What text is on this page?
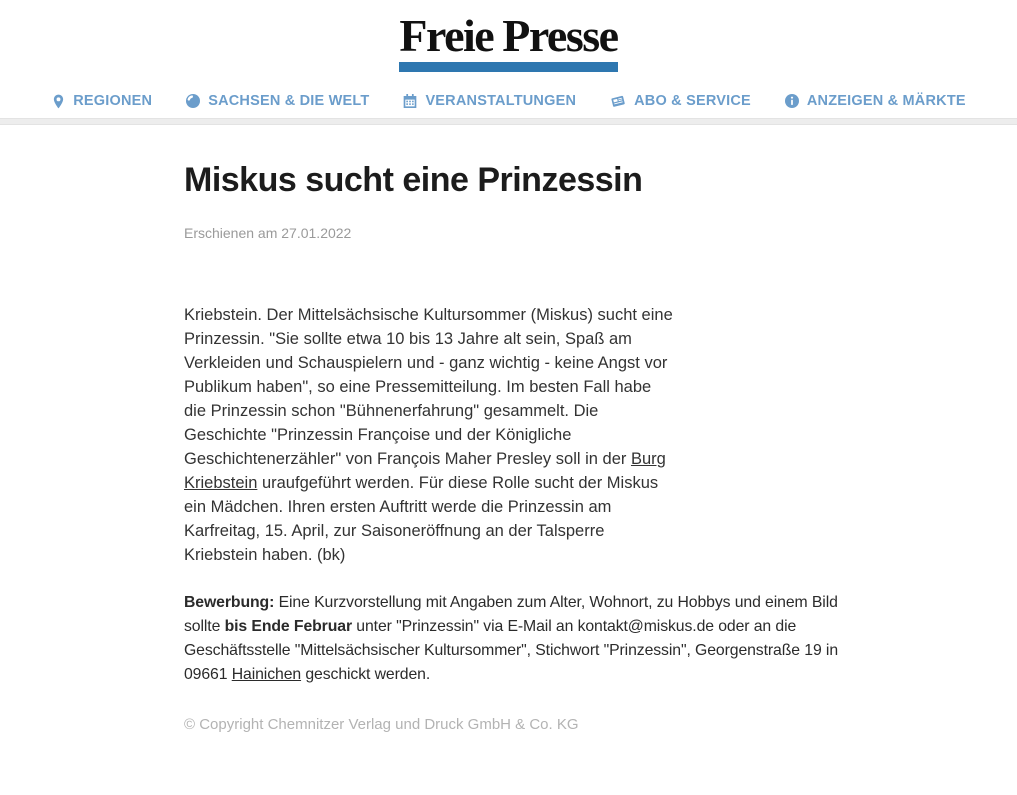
Freie Presse
REGIONEN	SACHSEN & DIE WELT	VERANSTALTUNGEN	ABO & SERVICE	ANZEIGEN & MÄRKTE
Miskus sucht eine Prinzessin
Erschienen am 27.01.2022

Kriebstein. Der Mittelsächsische Kultursommer (Miskus) sucht eine Prinzessin. "Sie sollte etwa 10 bis 13 Jahre alt sein, Spaß am Verkleiden und Schauspielern und - ganz wichtig - keine Angst vor Publikum haben", so eine Pressemitteilung. Im besten Fall habe die Prinzessin schon "Bühnenerfahrung" gesammelt. Die Geschichte "Prinzessin Françoise und der Königliche Geschichtenerzähler" von François Maher Presley soll in der Burg Kriebstein uraufgeführt werden. Für diese Rolle sucht der Miskus ein Mädchen. Ihren ersten Auftritt werde die Prinzessin am Karfreitag, 15. April, zur Saisoneröffnung an der Talsperre Kriebstein haben. (bk)

Bewerbung: Eine Kurzvorstellung mit Angaben zum Alter, Wohnort, zu Hobbys und einem Bild sollte bis Ende Februar unter "Prinzessin" via E-Mail an kontakt@miskus.de oder an die Geschäftsstelle "Mittelsächsischer Kultursommer", Stichwort "Prinzessin", Georgenstraße 19 in 09661 Hainichen geschickt werden.

© Copyright Chemnitzer Verlag und Druck GmbH & Co. KG
